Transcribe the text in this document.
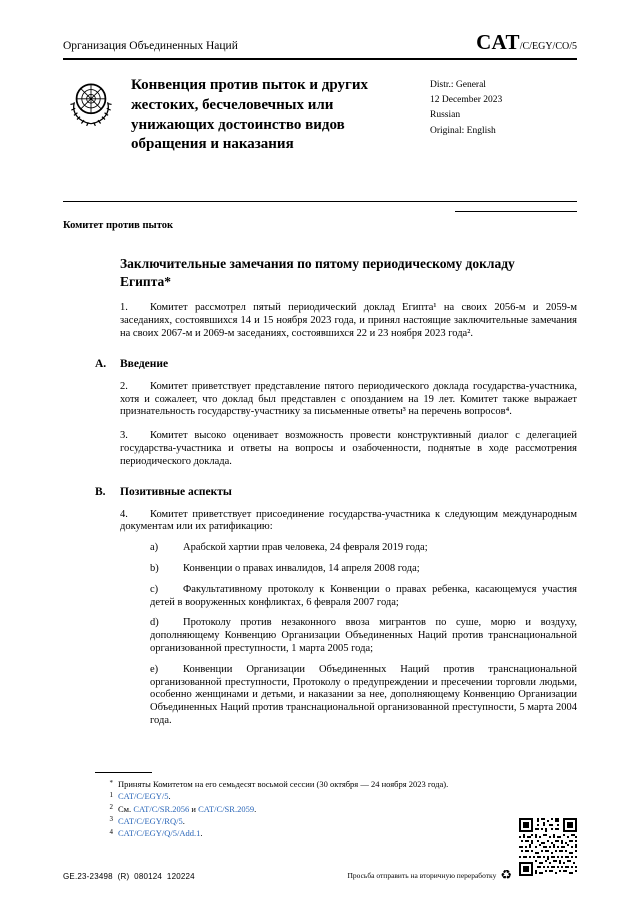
Организация Объединенных Наций	CAT/C/EGY/CO/5
Конвенция против пыток и других жестоких, бесчеловечных или унижающих достоинство видов обращения и наказания
Distr.: General
12 December 2023
Russian
Original: English
Комитет против пыток
Заключительные замечания по пятому периодическому докладу Египта*

1. Комитет рассмотрел пятый периодический доклад Египта¹ на своих 2056-м и 2059-м заседаниях, состоявшихся 14 и 15 ноября 2023 года, и принял настоящие заключительные замечания на своих 2067-м и 2069-м заседаниях, состоявшихся 22 и 23 ноября 2023 года².

A. Введение

2. Комитет приветствует представление пятого периодического доклада государства-участника, хотя и сожалеет, что доклад был представлен с опозданием на 19 лет. Комитет также выражает признательность государству-участнику за письменные ответы³ на перечень вопросов⁴.

3. Комитет высоко оценивает возможность провести конструктивный диалог с делегацией государства-участника и ответы на вопросы и озабоченности, поднятые в ходе рассмотрения периодического доклада.

B. Позитивные аспекты

4. Комитет приветствует присоединение государства-участника к следующим международным документам или их ратификацию:

a) Арабской хартии прав человека, 24 февраля 2019 года;

b) Конвенции о правах инвалидов, 14 апреля 2008 года;

c) Факультативному протоколу к Конвенции о правах ребенка, касающемуся участия детей в вооруженных конфликтах, 6 февраля 2007 года;

d) Протоколу против незаконного ввоза мигрантов по суше, морю и воздуху, дополняющему Конвенцию Организации Объединенных Наций против транснациональной организованной преступности, 1 марта 2005 года;

e) Конвенции Организации Объединенных Наций против транснациональной организованной преступности, Протоколу о предупреждении и пресечении торговли людьми, особенно женщинами и детьми, и наказании за нее, дополняющему Конвенцию Организации Объединенных Наций против транснациональной организованной преступности, 5 марта 2004 года.

* Приняты Комитетом на его семьдесят восьмой сессии (30 октября — 24 ноября 2023 года).

1 CAT/C/EGY/5.

2 См. CAT/C/SR.2056 и CAT/C/SR.2059.

3 CAT/C/EGY/RQ/5.

4 CAT/C/EGY/Q/5/Add.1.

GE.23-23498  (R)  080124  120224	Просьба отправить на вторичную переработку ♻
